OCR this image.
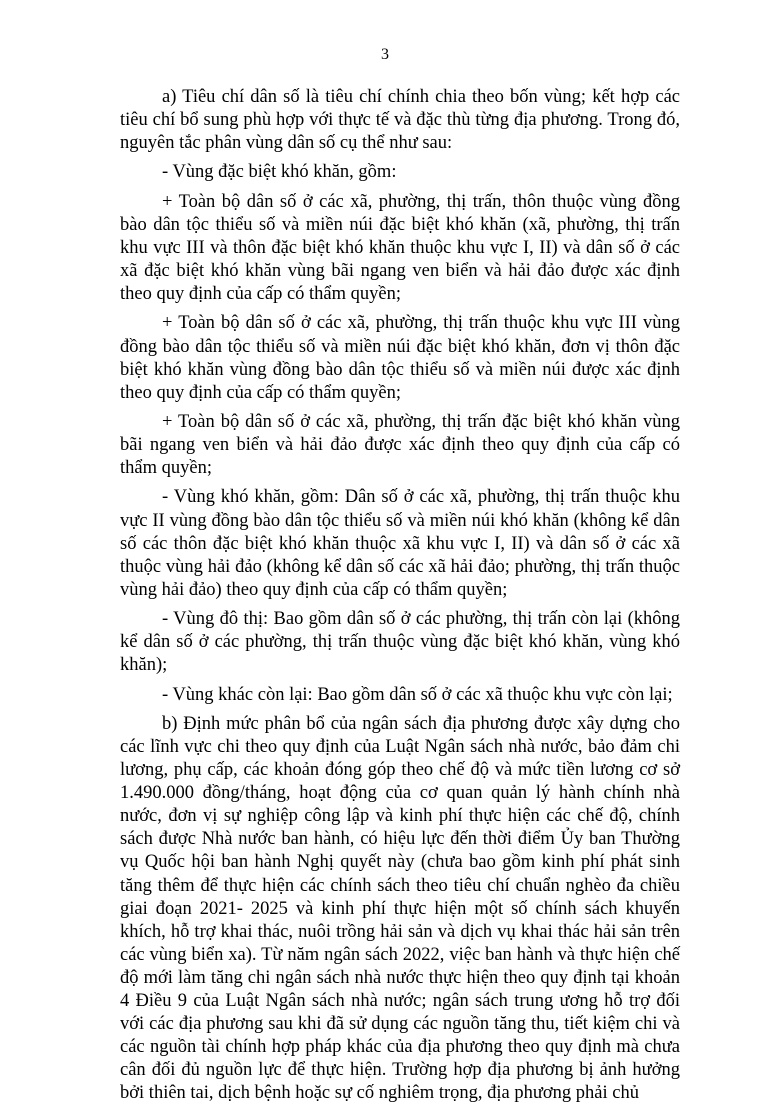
3

a) Tiêu chí dân số là tiêu chí chính chia theo bốn vùng; kết hợp các tiêu chí bổ sung phù hợp với thực tế và đặc thù từng địa phương. Trong đó, nguyên tắc phân vùng dân số cụ thể như sau:

- Vùng đặc biệt khó khăn, gồm:

+ Toàn bộ dân số ở các xã, phường, thị trấn, thôn thuộc vùng đồng bào dân tộc thiểu số và miền núi đặc biệt khó khăn (xã, phường, thị trấn khu vực III và thôn đặc biệt khó khăn thuộc khu vực I, II) và dân số ở các xã đặc biệt khó khăn vùng bãi ngang ven biển và hải đảo được xác định theo quy định của cấp có thẩm quyền;

+ Toàn bộ dân số ở các xã, phường, thị trấn thuộc khu vực III vùng đồng bào dân tộc thiểu số và miền núi đặc biệt khó khăn, đơn vị thôn đặc biệt khó khăn vùng đồng bào dân tộc thiểu số và miền núi được xác định theo quy định của cấp có thẩm quyền;

+ Toàn bộ dân số ở các xã, phường, thị trấn đặc biệt khó khăn vùng bãi ngang ven biển và hải đảo được xác định theo quy định của cấp có thẩm quyền;

- Vùng khó khăn, gồm: Dân số ở các xã, phường, thị trấn thuộc khu vực II vùng đồng bào dân tộc thiểu số và miền núi khó khăn (không kể dân số các thôn đặc biệt khó khăn thuộc xã khu vực I, II) và dân số ở các xã thuộc vùng hải đảo (không kể dân số các xã hải đảo; phường, thị trấn thuộc vùng hải đảo) theo quy định của cấp có thẩm quyền;

- Vùng đô thị: Bao gồm dân số ở các phường, thị trấn còn lại (không kể dân số ở các phường, thị trấn thuộc vùng đặc biệt khó khăn, vùng khó khăn);

- Vùng khác còn lại: Bao gồm dân số ở các xã thuộc khu vực còn lại;

b) Định mức phân bổ của ngân sách địa phương được xây dựng cho các lĩnh vực chi theo quy định của Luật Ngân sách nhà nước, bảo đảm chi lương, phụ cấp, các khoản đóng góp theo chế độ và mức tiền lương cơ sở 1.490.000 đồng/tháng, hoạt động của cơ quan quản lý hành chính nhà nước, đơn vị sự nghiệp công lập và kinh phí thực hiện các chế độ, chính sách được Nhà nước ban hành, có hiệu lực đến thời điểm Ủy ban Thường vụ Quốc hội ban hành Nghị quyết này (chưa bao gồm kinh phí phát sinh tăng thêm để thực hiện các chính sách theo tiêu chí chuẩn nghèo đa chiều giai đoạn 2021- 2025 và kinh phí thực hiện một số chính sách khuyến khích, hỗ trợ khai thác, nuôi trồng hải sản và dịch vụ khai thác hải sản trên các vùng biển xa). Từ năm ngân sách 2022, việc ban hành và thực hiện chế độ mới làm tăng chi ngân sách nhà nước thực hiện theo quy định tại khoản 4 Điều 9 của Luật Ngân sách nhà nước; ngân sách trung ương hỗ trợ đối với các địa phương sau khi đã sử dụng các nguồn tăng thu, tiết kiệm chi và các nguồn tài chính hợp pháp khác của địa phương theo quy định mà chưa cân đối đủ nguồn lực để thực hiện. Trường hợp địa phương bị ảnh hưởng bởi thiên tai, dịch bệnh hoặc sự cố nghiêm trọng, địa phương phải chủ
